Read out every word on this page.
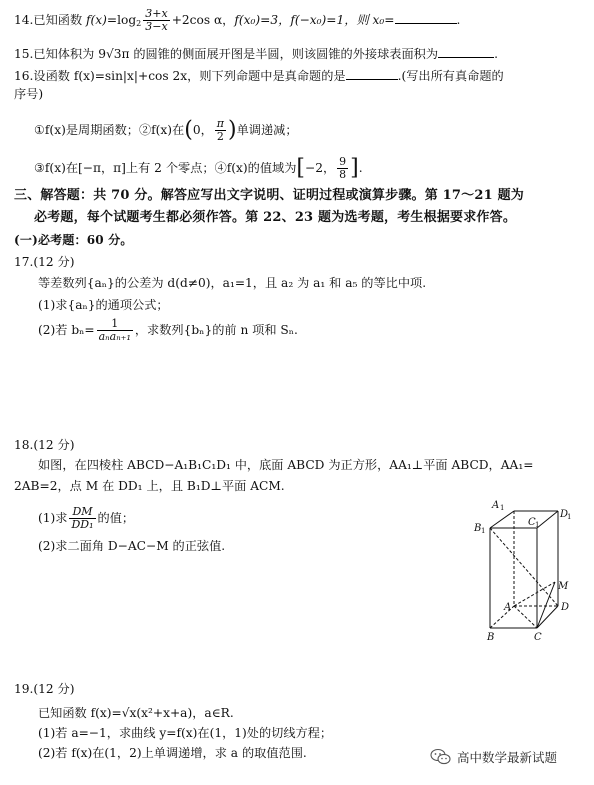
14.已知函数 $f(x)=\log_2 \frac{3+x}{3-x} +2\cos$ α，f(x₀)=3，f(−x₀)=1，则 x₀=	.
15.已知体积为 9√3π 的圆锥的侧面展开图是半圆，则该圆锥的外接球表面积为	.
16.设函数 f(x)=sin|x|+cos 2x，则下列命题中是真命题的是	.(写出所有真命题的
序号)
①f(x)是周期函数；②f(x)在(0， $\frac{\pi}{2}$ )单调递减；
③f(x)在[−π，π]上有 2 个零点；④f(x)的值域为[−2， $\frac{9}{8}$ ].
三、解答题：共 70 分。解答应写出文字说明、证明过程或演算步骤。第 17～21 题为
必考题，每个试题考生都必须作答。第 22、23 题为选考题，考生根据要求作答。
(一)必考题：60 分。
17.(12 分)
等差数列{aₙ}的公差为 d(d≠0)，a₁=1，且 a₂ 为 a₁ 和 a₅ 的等比中项.
(1)求{aₙ}的通项公式；
(2)若 $b_n= \frac{1}{\text{aₙaₙ₊₁}}$ ，求数列{bₙ}的前 n 项和 Sₙ.
18.(12 分)
如图，在四棱柱 ABCD−A₁B₁C₁D₁ 中，底面 ABCD 为正方形，AA₁⊥平面 ABCD，AA₁=
2AB=2，点 M 在 DD₁ 上，且 B₁D⊥平面 ACM.
(1)求 $\frac{DM}{\text{DD₁}}$ 的值；
(2)求二面角 D−AC−M 的正弦值.
A 1
B 1
C 1
D
1
M
A	D
B	C
19.(12 分)
已知函数 f(x)=√x(x²+x+a)，a∈R.
(1)若 a=−1，求曲线 y=f(x)在(1，1)处的切线方程；
(2)若 f(x)在(1，2)上单调递增，求 a 的取值范围.	高中数学最新试题
